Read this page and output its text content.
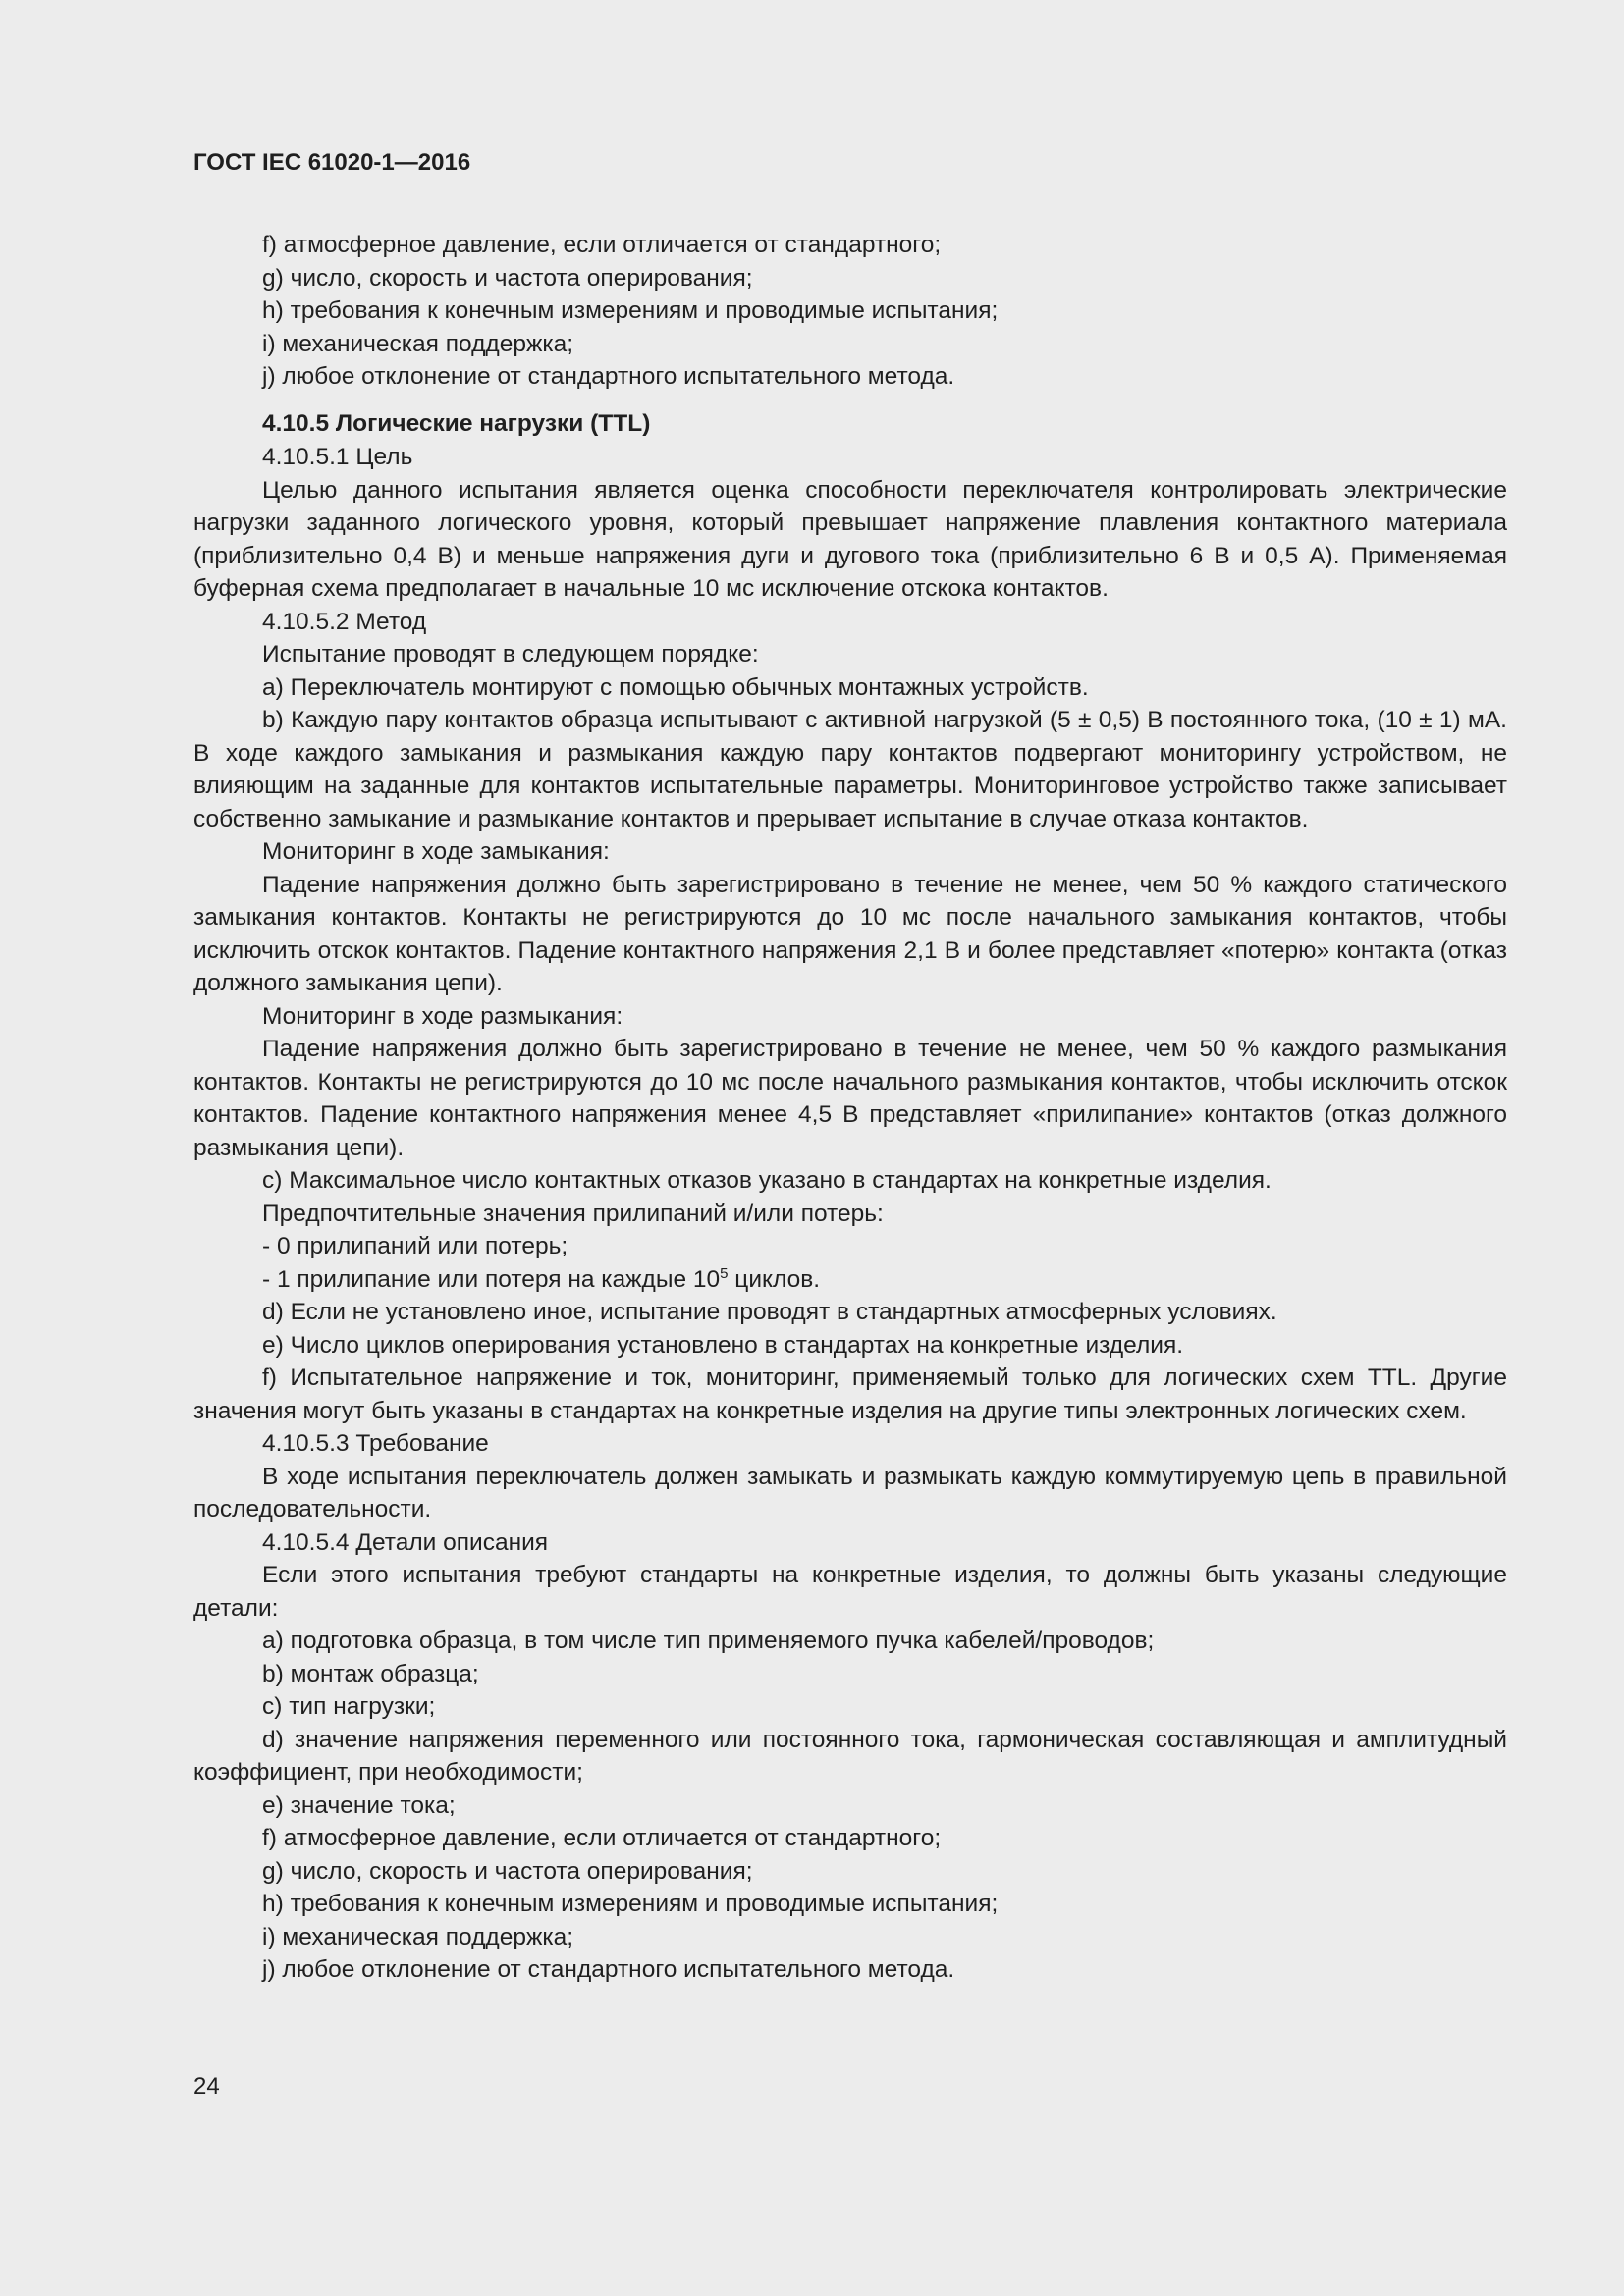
ГОСТ IEC 61020-1—2016

f) атмосферное давление, если отличается от стандартного;

g) число, скорость и частота оперирования;

h) требования к конечным измерениям и проводимые испытания;

i) механическая поддержка;

j) любое отклонение от стандартного испытательного метода.

4.10.5 Логические нагрузки (TTL)

4.10.5.1 Цель

Целью данного испытания является оценка способности переключателя контролировать электрические нагрузки заданного логического уровня, который превышает напряжение плавления контактного материала (приблизительно 0,4 В) и меньше напряжения дуги и дугового тока (приблизительно 6 В и 0,5 А). Применяемая буферная схема предполагает в начальные 10 мс исключение отскока контактов.

4.10.5.2 Метод

Испытание проводят в следующем порядке:

a) Переключатель монтируют с помощью обычных монтажных устройств.

b) Каждую пару контактов образца испытывают с активной нагрузкой (5 ± 0,5) В постоянного тока, (10 ± 1) мА. В ходе каждого замыкания и размыкания каждую пару контактов подвергают мониторингу устройством, не влияющим на заданные для контактов испытательные параметры. Мониторинговое устройство также записывает собственно замыкание и размыкание контактов и прерывает испытание в случае отказа контактов.

Мониторинг в ходе замыкания:

Падение напряжения должно быть зарегистрировано в течение не менее, чем 50 % каждого статического замыкания контактов. Контакты не регистрируются до 10 мс после начального замыкания контактов, чтобы исключить отскок контактов. Падение контактного напряжения 2,1 В и более представляет «потерю» контакта (отказ должного замыкания цепи).

Мониторинг в ходе размыкания:

Падение напряжения должно быть зарегистрировано в течение не менее, чем 50 % каждого размыкания контактов. Контакты не регистрируются до 10 мс после начального размыкания контактов, чтобы исключить отскок контактов. Падение контактного напряжения менее 4,5 В представляет «прилипание» контактов (отказ должного размыкания цепи).

c) Максимальное число контактных отказов указано в стандартах на конкретные изделия.

Предпочтительные значения прилипаний и/или потерь:

- 0 прилипаний или потерь;

- 1 прилипание или потеря на каждые $10^5$ циклов.

d) Если не установлено иное, испытание проводят в стандартных атмосферных условиях.

e) Число циклов оперирования установлено в стандартах на конкретные изделия.

f) Испытательное напряжение и ток, мониторинг, применяемый только для логических схем TTL. Другие значения могут быть указаны в стандартах на конкретные изделия на другие типы электронных логических схем.

4.10.5.3 Требование

В ходе испытания переключатель должен замыкать и размыкать каждую коммутируемую цепь в правильной последовательности.

4.10.5.4 Детали описания

Если этого испытания требуют стандарты на конкретные изделия, то должны быть указаны следующие детали:

a) подготовка образца, в том числе тип применяемого пучка кабелей/проводов;

b) монтаж образца;

c) тип нагрузки;

d) значение напряжения переменного или постоянного тока, гармоническая составляющая и амплитудный коэффициент, при необходимости;

e) значение тока;

f) атмосферное давление, если отличается от стандартного;

g) число, скорость и частота оперирования;

h) требования к конечным измерениям и проводимые испытания;

i) механическая поддержка;

j) любое отклонение от стандартного испытательного метода.

24
